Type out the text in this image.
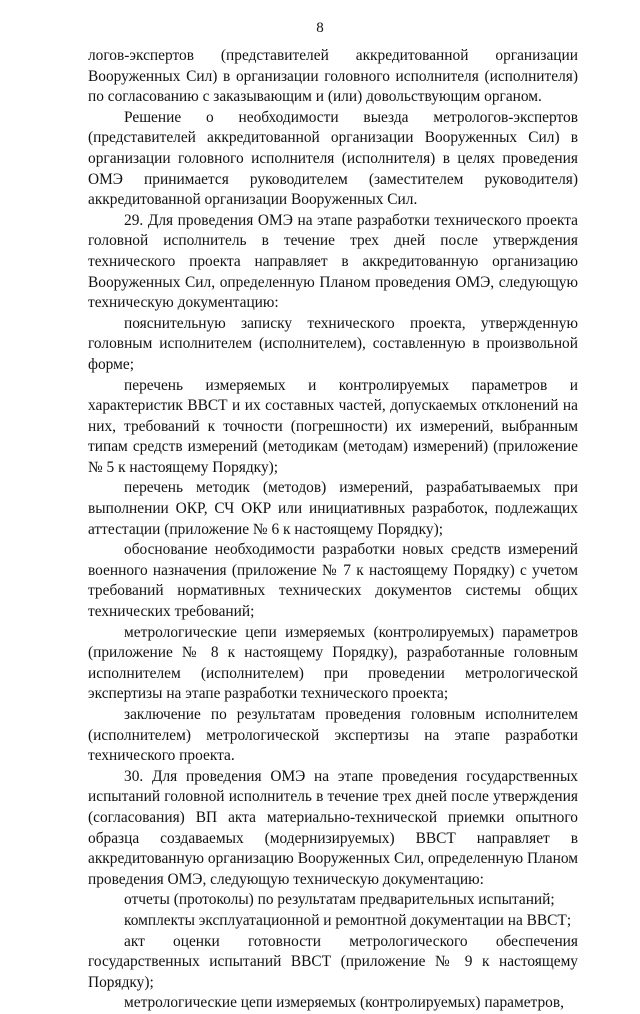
8

логов-экспертов (представителей аккредитованной организации Вооруженных Сил) в организации головного исполнителя (исполнителя) по согласованию с заказывающим и (или) довольствующим органом.

Решение о необходимости выезда метрологов-экспертов (представителей аккредитованной организации Вооруженных Сил) в организации головного исполнителя (исполнителя) в целях проведения ОМЭ принимается руководителем (заместителем руководителя) аккредитованной организации Вооруженных Сил.

29. Для проведения ОМЭ на этапе разработки технического проекта головной исполнитель в течение трех дней после утверждения технического проекта направляет в аккредитованную организацию Вооруженных Сил, определенную Планом проведения ОМЭ, следующую техническую документацию:

пояснительную записку технического проекта, утвержденную головным исполнителем (исполнителем), составленную в произвольной форме;

перечень измеряемых и контролируемых параметров и характеристик ВВСТ и их составных частей, допускаемых отклонений на них, требований к точности (погрешности) их измерений, выбранным типам средств измерений (методикам (методам) измерений) (приложение № 5 к настоящему Порядку);

перечень методик (методов) измерений, разрабатываемых при выполнении ОКР, СЧ ОКР или инициативных разработок, подлежащих аттестации (приложение № 6 к настоящему Порядку);

обоснование необходимости разработки новых средств измерений военного назначения (приложение № 7 к настоящему Порядку) с учетом требований нормативных технических документов системы общих технических требований;

метрологические цепи измеряемых (контролируемых) параметров (приложение № 8 к настоящему Порядку), разработанные головным исполнителем (исполнителем) при проведении метрологической экспертизы на этапе разработки технического проекта;

заключение по результатам проведения головным исполнителем (исполнителем) метрологической экспертизы на этапе разработки технического проекта.

30. Для проведения ОМЭ на этапе проведения государственных испытаний головной исполнитель в течение трех дней после утверждения (согласования) ВП акта материально-технической приемки опытного образца создаваемых (модернизируемых) ВВСТ направляет в аккредитованную организацию Вооруженных Сил, определенную Планом проведения ОМЭ, следующую техническую документацию:

отчеты (протоколы) по результатам предварительных испытаний;

комплекты эксплуатационной и ремонтной документации на ВВСТ;

акт оценки готовности метрологического обеспечения государственных испытаний ВВСТ (приложение № 9 к настоящему Порядку);

метрологические цепи измеряемых (контролируемых) параметров,
